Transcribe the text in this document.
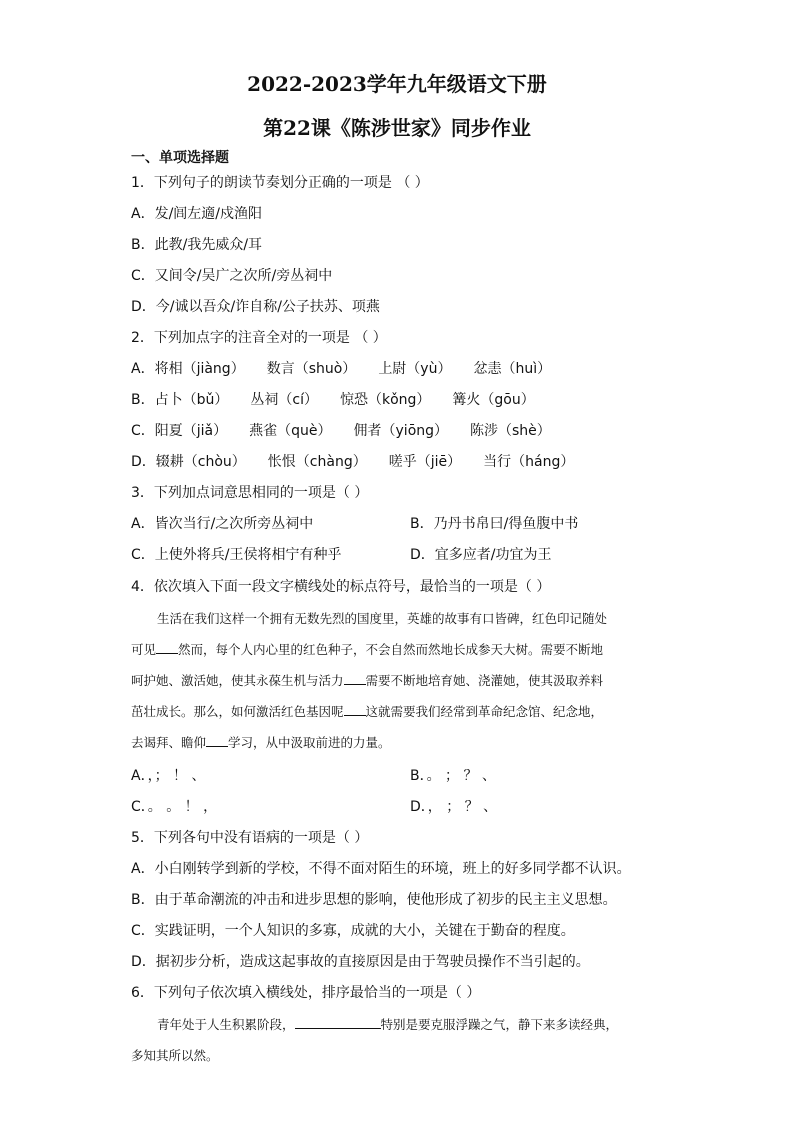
2022-2023学年九年级语文下册
第22课《陈涉世家》同步作业
一、单项选择题
1．下列句子的朗读节奏划分正确的一项是 （ ）
A．发/闾左適/戍渔阳
B．此教/我先威众/耳
C．又间令/吴广之次所/旁丛祠中
D．今/诚以吾众/诈自称/公子扶苏、项燕
2．下列加点字的注音全对的一项是 （ ）
A．将相（jiàng） 数言（shuò） 上尉（yù） 忿恚（huì）
B．占卜（bǔ） 丛祠（cí） 惊恐（kǒng） 篝火（gōu）
C．阳夏（jiǎ） 燕雀（què） 佣者（yiōng） 陈涉（shè）
D．辍耕（chòu） 怅恨（chàng） 嗟乎（jiē） 当行（háng）
3．下列加点词意思相同的一项是（ ）
A．皆次当行/之次所旁丛祠中	B．乃丹书帛曰/得鱼腹中书
C．上使外将兵/王侯将相宁有种乎	D．宜多应者/功宜为王
4．依次填入下面一段文字横线处的标点符号，最恰当的一项是（ ）
生活在我们这样一个拥有无数先烈的国度里，英雄的故事有口皆碑，红色印记随处
可见 然而，每个人内心里的红色种子，不会自然而然地长成参天大树。需要不断地
呵护她、激活她，使其永葆生机与活力 需要不断地培育她、浇灌她，使其汲取养料
茁壮成长。那么，如何激活红色基因呢 这就需要我们经常到革命纪念馆、纪念地，
去谒拜、瞻仰 学习，从中汲取前进的力量。
A．，； ！ 、	B．。 ； ？ 、
C．。 。 ！ ，	D．， ； ？ 、
5．下列各句中没有语病的一项是（ ）
A．小白刚转学到新的学校，不得不面对陌生的环境，班上的好多同学都不认识。
B．由于革命潮流的冲击和进步思想的影响，使他形成了初步的民主主义思想。
C．实践证明，一个人知识的多寡，成就的大小，关键在于勤奋的程度。
D．据初步分析，造成这起事故的直接原因是由于驾驶员操作不当引起的。
6．下列句子依次填入横线处，排序最恰当的一项是（ ）
青年处于人生积累阶段，	特别是要克服浮躁之气，静下来多读经典，
多知其所以然。
